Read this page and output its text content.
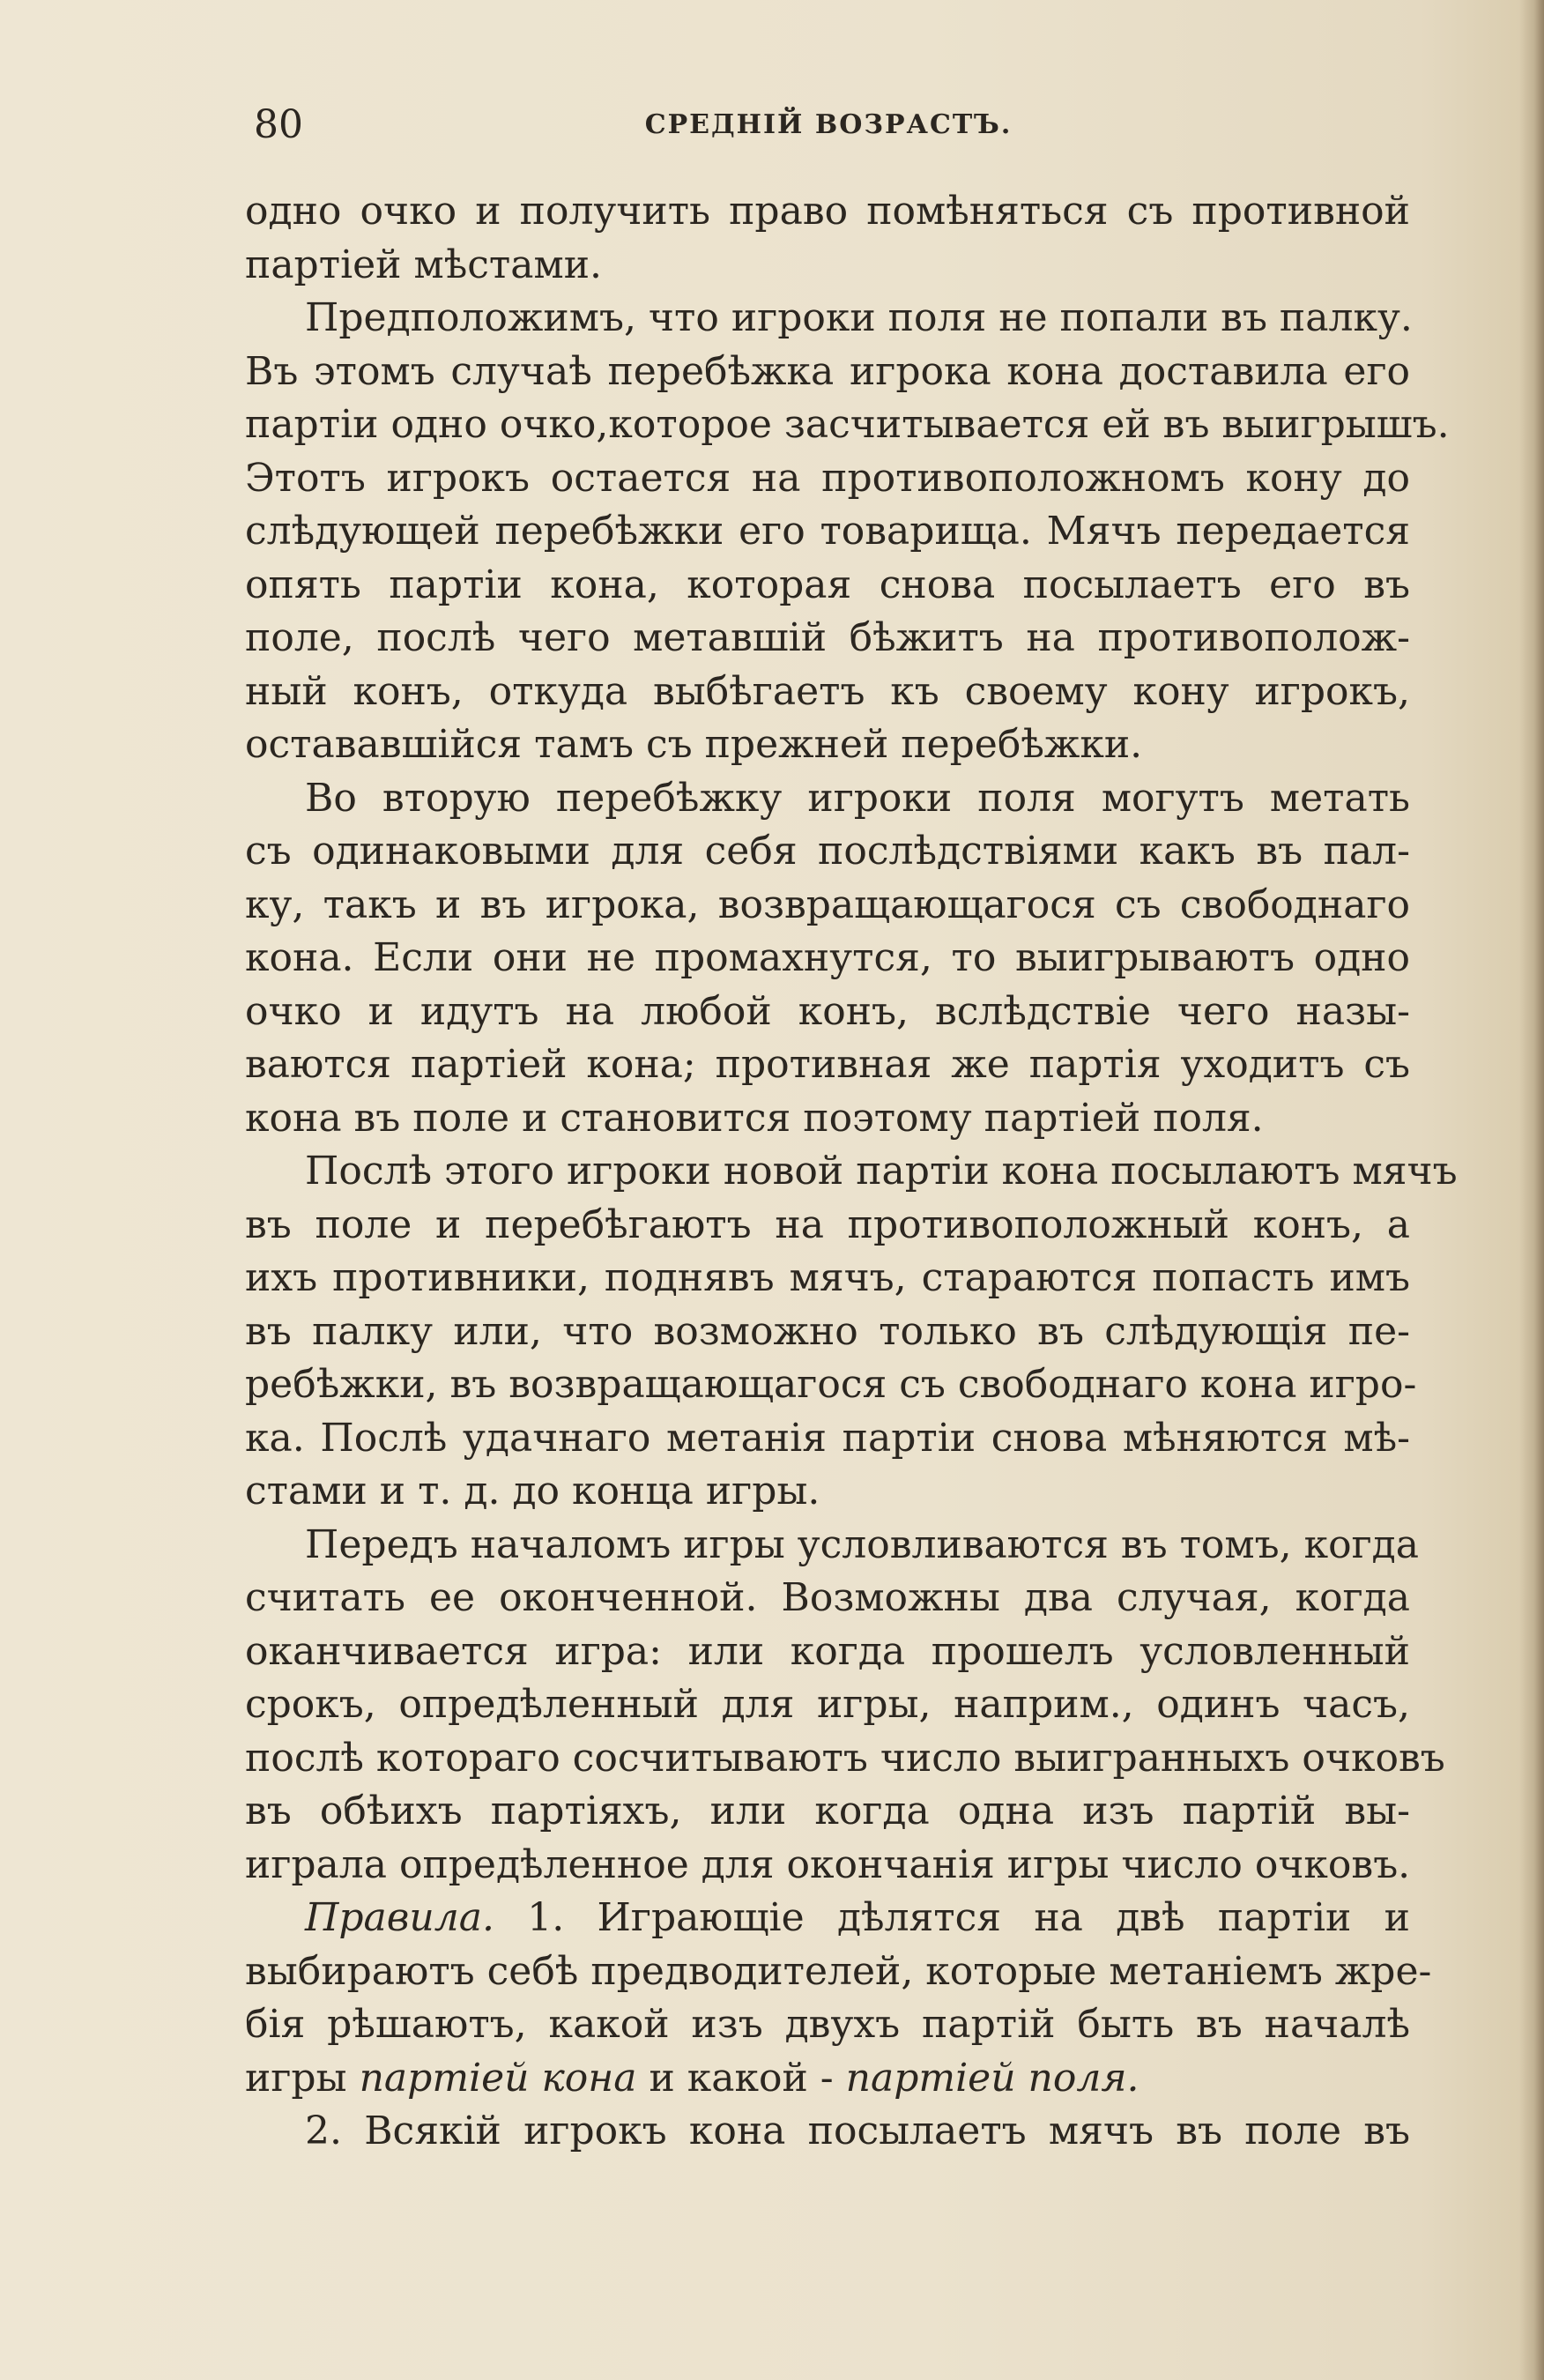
80	СРЕДНІЙ ВОЗРАСТЪ.
одно очко и получить право помѣняться съ противной
партіей мѣстами.
Предположимъ, что игроки поля не попали въ палку.
Въ этомъ случаѣ перебѣжка игрока кона доставила его
партіи одно очко,которое засчитывается ей въ выигрышъ.
Этотъ игрокъ остается на противоположномъ кону до
слѣдующей перебѣжки его товарища. Мячъ передается
опять партіи кона, которая снова посылаетъ его въ
поле, послѣ чего метавшій бѣжитъ на противополож-
ный конъ, откуда выбѣгаетъ къ своему кону игрокъ,
остававшійся тамъ съ прежней перебѣжки.
Во вторую перебѣжку игроки поля могутъ метать
съ одинаковыми для себя послѣдствіями какъ въ пал-
ку, такъ и въ игрока, возвращающагося съ свободнаго
кона. Если они не промахнутся, то выигрываютъ одно
очко и идутъ на любой конъ, вслѣдствіе чего назы-
ваются партіей кона; противная же партія уходитъ съ
кона въ поле и становится поэтому партіей поля.
Послѣ этого игроки новой партіи кона посылаютъ мячъ
въ поле и перебѣгаютъ на противоположный конъ, а
ихъ противники, поднявъ мячъ, стараются попасть имъ
въ палку или, что возможно только въ слѣдующія пе-
ребѣжки, въ возвращающагося съ свободнаго кона игро-
ка. Послѣ удачнаго метанія партіи снова мѣняются мѣ-
стами и т. д. до конца игры.
Передъ началомъ игры условливаются въ томъ, когда
считать ее оконченной. Возможны два случая, когда
оканчивается игра: или когда прошелъ условленный
срокъ, опредѣленный для игры, наприм., одинъ часъ,
послѣ котораго сосчитываютъ число выигранныхъ очковъ
въ обѣихъ партіяхъ, или когда одна изъ партій вы-
играла опредѣленное для окончанія игры число очковъ.
Правила. 1. Играющіе дѣлятся на двѣ партіи и
выбираютъ себѣ предводителей, которые метаніемъ жре-
бія рѣшаютъ, какой изъ двухъ партій быть въ началѣ
игры партіей кона и какой - партіей поля.
2. Всякій игрокъ кона посылаетъ мячъ въ поле въ
